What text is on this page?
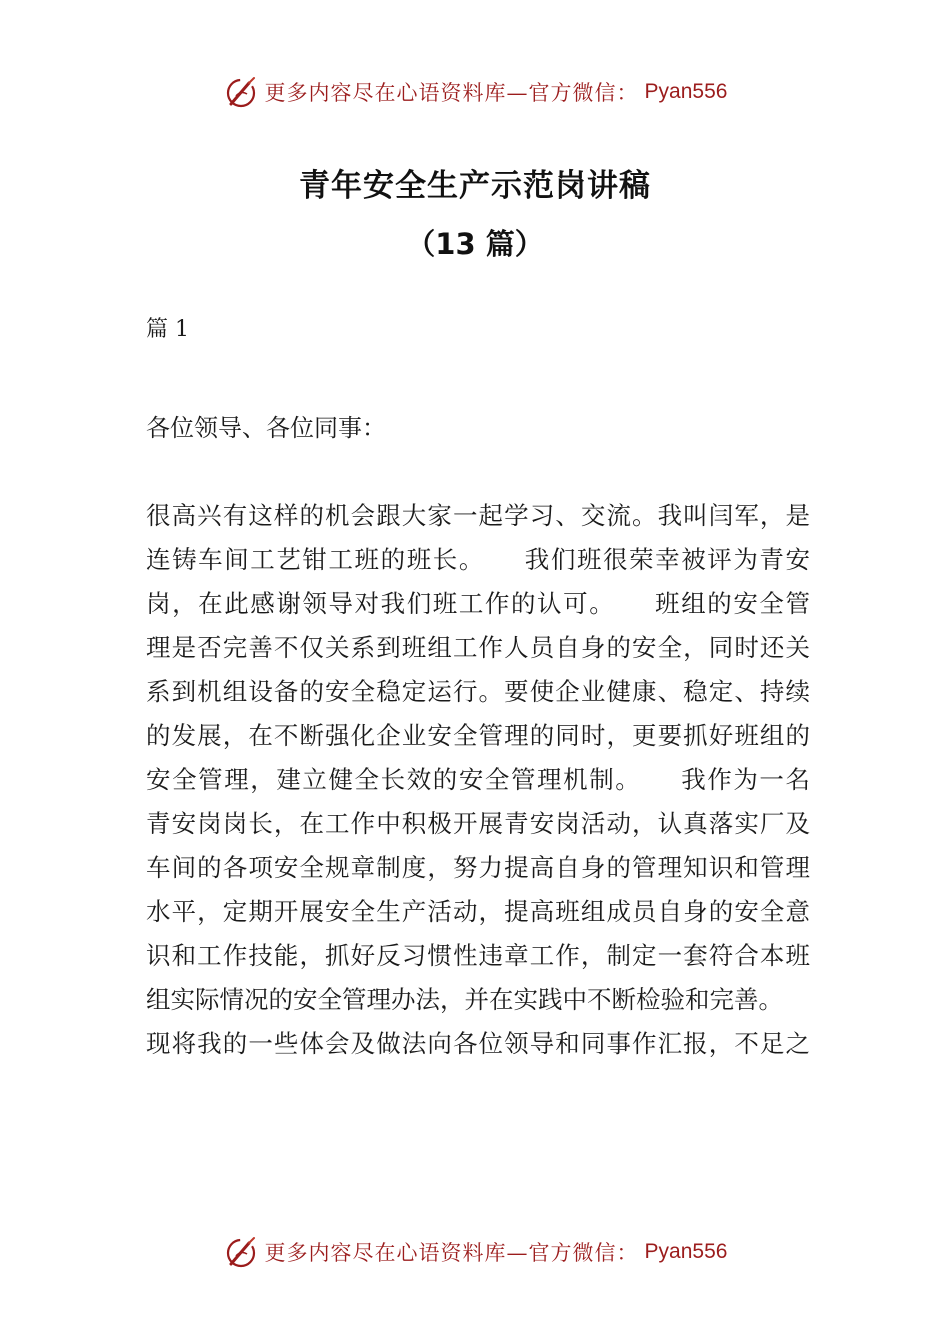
更多内容尽在心语资料库—官方微信： Pyan556
青年安全生产示范岗讲稿
（13 篇）
篇 1
各位领导、各位同事：
很高兴有这样的机会跟大家一起学习、交流。我叫闫军，是
连铸车间工艺钳工班的班长。　　我们班很荣幸被评为青安
岗，在此感谢领导对我们班工作的认可。　　班组的安全管
理是否完善不仅关系到班组工作人员自身的安全，同时还关
系到机组设备的安全稳定运行。要使企业健康、稳定、持续
的发展，在不断强化企业安全管理的同时，更要抓好班组的
安全管理，建立健全长效的安全管理机制。　　我作为一名
青安岗岗长，在工作中积极开展青安岗活动，认真落实厂及
车间的各项安全规章制度，努力提高自身的管理知识和管理
水平，定期开展安全生产活动，提高班组成员自身的安全意
识和工作技能，抓好反习惯性违章工作，制定一套符合本班
组实际情况的安全管理办法，并在实践中不断检验和完善。
现将我的一些体会及做法向各位领导和同事作汇报，不足之
更多内容尽在心语资料库—官方微信： Pyan556
